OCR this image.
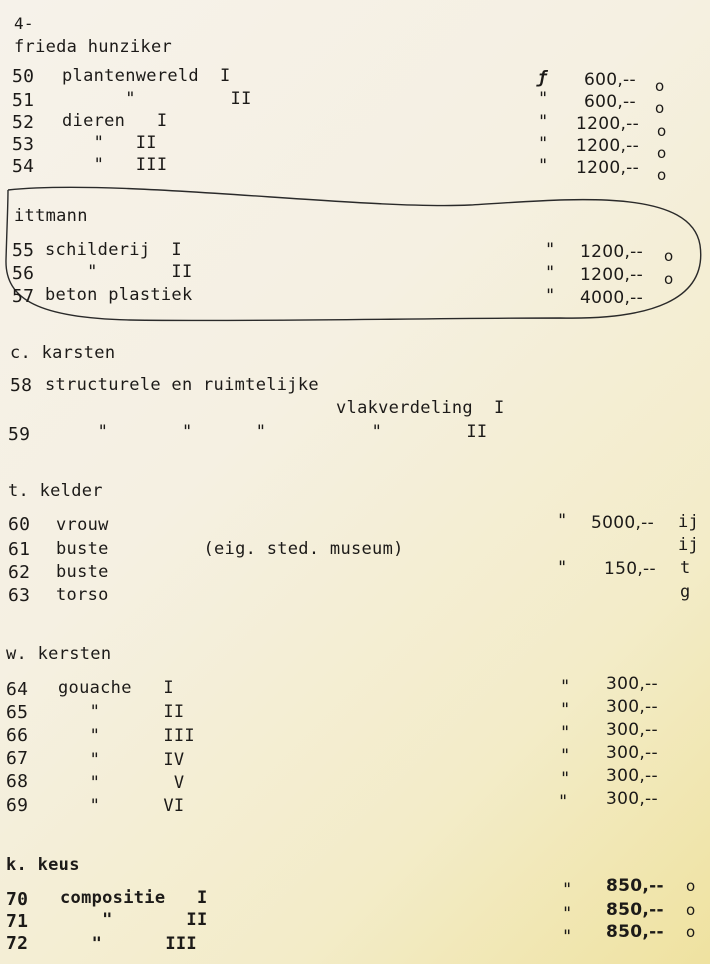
4-
frieda hunziker
50 plantenwereld  I	ƒ 600,-- o
51 "         II	" 600,-- o
52 dieren   I	" 1200,-- o
53 "   II	" 1200,-- o
54 "   III	" 1200,-- o
ittmann
55 schilderij  I	" 1200,-- o
56 "       II	" 1200,-- o
57 beton plastiek	" 4000,--
c. karsten
58 structurele en ruimtelijke
vlakverdeling  I
59 "       "      "          "        II
t. kelder
60 vrouw	" 5000,-- ij
61 buste         (eig. sted. museum)	ij
62 buste	" 150,-- t
63 torso	g
w. kersten
64 gouache   I	" 300,--
65 "      II	" 300,--
66 "      III	" 300,--
67 "      IV	" 300,--
68 "       V	" 300,--
69 "      VI	" 300,--
k. keus
70 compositie   I	" 850,-- o
71 "       II	" 850,-- o
72 "      III	" 850,-- o
